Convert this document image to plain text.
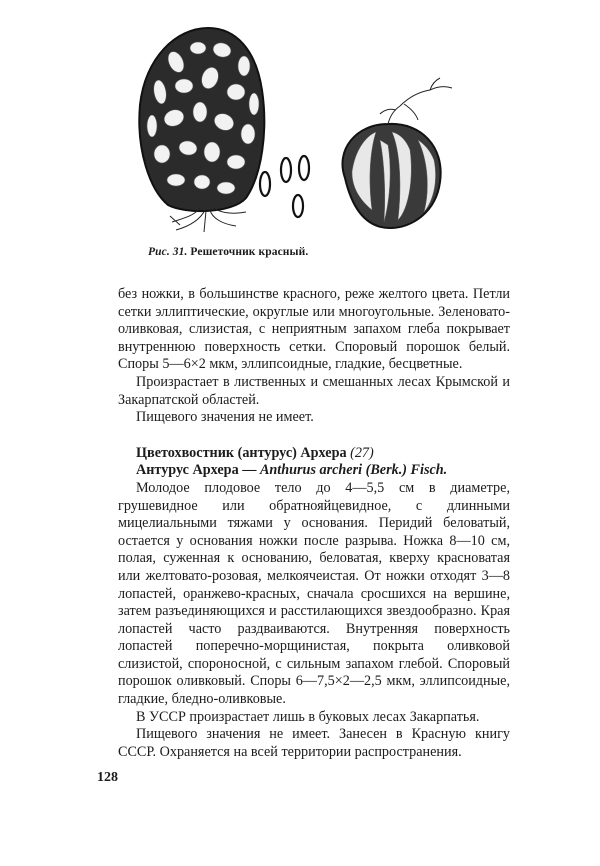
Рис. 31. Решеточник красный.

без ножки, в большинстве красного, реже желтого цвета. Петли сетки эллиптические, округлые или многоугольные. Зеленовато-оливковая, слизистая, с неприятным запахом глеба покрывает внутреннюю поверхность сетки. Споровый порошок белый. Споры 5—6×2 мкм, эллипсоидные, гладкие, бесцветные.

Произрастает в лиственных и смешанных лесах Крымской и Закарпатской областей.

Пищевого значения не имеет.

Цветохвостник (антурус) Архера (27)

Антурус Архера — Anthurus archeri (Berk.) Fisch.

Молодое плодовое тело до 4—5,5 см в диаметре, грушевидное или обратнояйцевидное, с длинными мицелиальными тяжами у основания. Перидий беловатый, остается у основания ножки после разрыва. Ножка 8—10 см, полая, суженная к основанию, беловатая, кверху красноватая или желтовато-розовая, мелкоячеистая. От ножки отходят 3—8 лопастей, оранжево-красных, сначала сросшихся на вершине, затем разъединяющихся и расстилающихся звездообразно. Края лопастей часто раздваиваются. Внутренняя поверхность лопастей поперечно-морщинистая, покрыта оливковой слизистой, спороносной, с сильным запахом глебой. Споровый порошок оливковый. Споры 6—7,5×2—2,5 мкм, эллипсоидные, гладкие, бледно-оливковые.

В УССР произрастает лишь в буковых лесах Закарпатья.

Пищевого значения не имеет. Занесен в Красную книгу СССР. Охраняется на всей территории распространения.

128
